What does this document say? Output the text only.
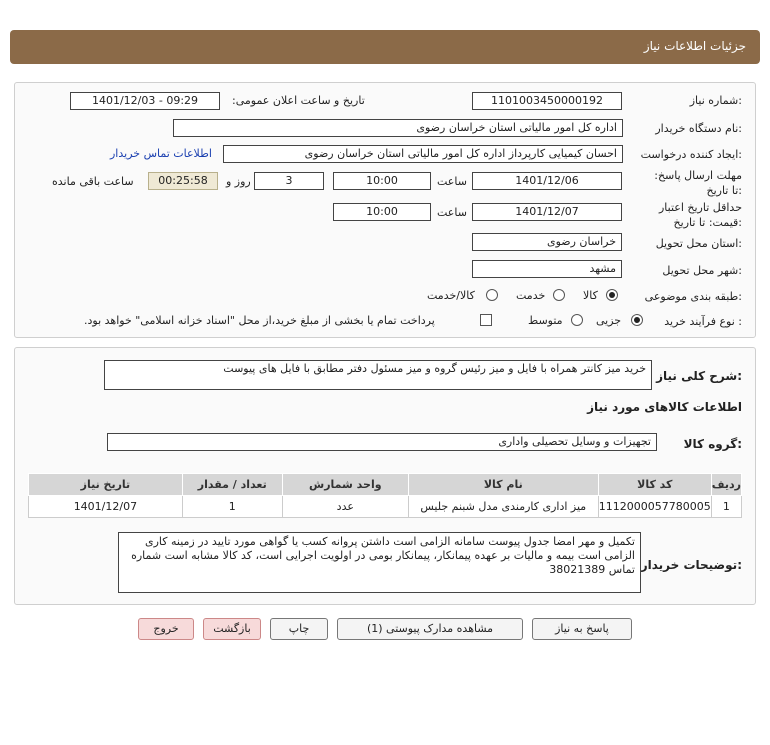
جزئیات اطلاعات نیاز
شماره نیاز:
1101003450000192
تاریخ و ساعت اعلان عمومی:
1401/12/03 - 09:29
نام دستگاه خریدار:
اداره کل امور مالیاتی استان خراسان رضوی
ایجاد کننده درخواست:
احسان کیمیایی کارپرداز اداره کل امور مالیاتی استان خراسان رضوی
اطلاعات تماس خریدار
مهلت ارسال پاسخ: تا تاریخ:
1401/12/06
ساعت
10:00
3
روز و
00:25:58
ساعت باقی مانده
حداقل تاریخ اعتبار قیمت: تا تاریخ:
1401/12/07
ساعت
10:00
استان محل تحویل:
خراسان رضوی
شهر محل تحویل:
مشهد
طبقه بندی موضوعی:
کالا
خدمت
کالا/خدمت
نوع فرآیند خرید :
جزیی
متوسط
پرداخت تمام یا بخشی از مبلغ خرید،از محل "اسناد خزانه اسلامی" خواهد بود.
شرح کلی نیاز:
خرید میز کانتر همراه با فایل و میز رئیس گروه و میز مسئول دفتر مطابق با فایل های پیوست
اطلاعات کالاهای مورد نیاز
گروه کالا:
تجهیزات و وسایل تحصیلی واداری
ردیف	کد کالا	نام کالا	واحد شمارش	تعداد / مقدار	تاریخ نیاز
1	1112000057780005	میز اداری کارمندی مدل شبنم جلیس	عدد	1	1401/12/07
توضیحات خریدار:
تکمیل و مهر امضا جدول پیوست سامانه الزامی است داشتن پروانه کسب یا گواهی مورد تایید در زمینه کاری الزامی است بیمه و مالیات بر عهده پیمانکار، پیمانکار بومی در اولویت اجرایی است، کد کالا مشابه است شماره تماس 38021389
پاسخ به نیاز
مشاهده مدارک پیوستی (1)
چاپ
بازگشت
خروج
